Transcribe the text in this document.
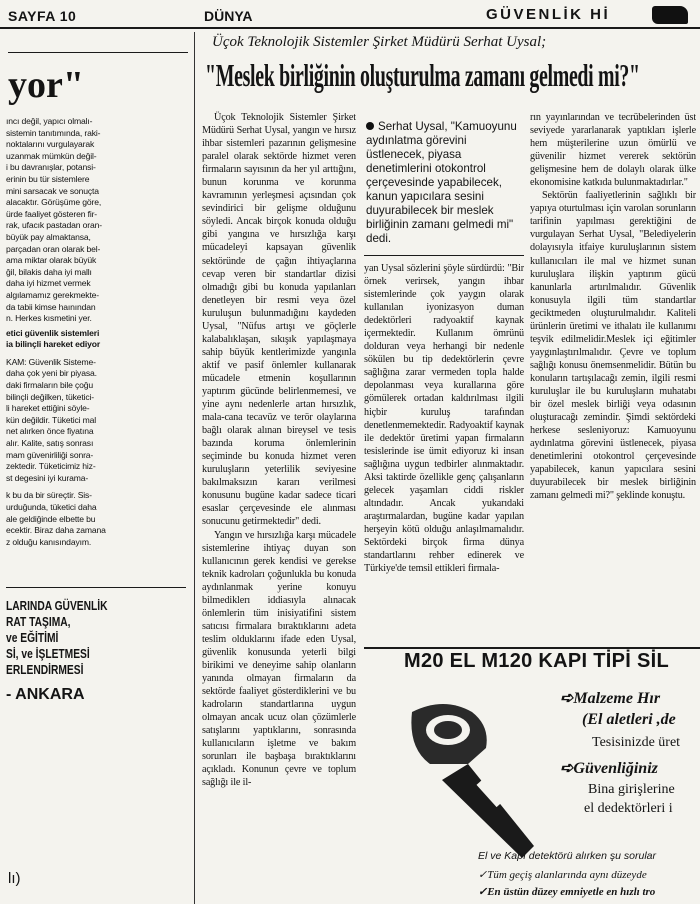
SAYFA 10	DÜNYA	GÜVENLİK Hİ
yor"
ıncı değil, yapıcı olmalı-
sistemin tanıtımında, raki-
noktalarını vurgulayarak
uzanmak mümkün değil-
i bu davranışlar, potansi-
erinin bu tür sistemlere
mini sarsacak ve sonuçta
alacaktır. Görüşüme göre,
ürde faaliyet gösteren fir-
rak, ufacık pastadan oran-
büyük pay almaktansa,
parçadan oran olarak bel-
ama miktar olarak büyük
ğil, bilakis daha iyi mallı
daha iyi hizmet vermek
algılamamız gerekmekte-
da tabii kimse haınından
n. Herkes kısmetini yer.
etici güvenlik sistemleri
ia bilinçli hareket ediyor
KAM: Güvenlik Sisteme-
daha çok yeni bir piyasa.
daki firmaların bile çoğu
bilinçli değilken, tüketici-
li hareket ettiğini söyle-
kün değildir. Tüketici mal
net alırken önce fiyatına
alır. Kalite, satış sonrası
mam güvenirliliği sonra-
zektedir. Tüketicimiz hiz-
st degesini iyi kurama-
k bu da bir süreçtir. Sis-
urduğunda, tüketici daha
ale geldiğinde elbette bu
ecektir. Biraz daha zamana
z olduğu kanısındayım.
LARINDA GÜVENLİK
RAT TAŞIMA,
ve EĞİTİMİ
Sİ, ve İŞLETMESİ
ERLENDİRMESİ
- ANKARA
lı)
Üçok Teknolojik Sistemler Şirket Müdürü Serhat Uysal;
"Meslek birliğinin oluşturulma zamanı gelmedi mi?"

Üçok Teknolojik Sistemler Şirket Müdürü Serhat Uysal, yangın ve hırsız ihbar sistemleri pazarının gelişmesine paralel olarak sektörde hizmet veren firmaların sayısının da her yıl arttığını, bunun korunma ve korunma kavramının yerleşmesi açısından çok sevindirici bir gelişme olduğunu söyledi. Ancak birçok konuda olduğu gibi yangına ve hırsızlığa karşı mücadeleyi kapsayan güvenlik sektöründe de çağın ihtiyaçlarına cevap veren bir standartlar dizisi olmadığı gibi bu konuda yapılanları denetleyen bir resmi veya özel kuruluşun bulunmadığını kaydeden Uysal, "Nüfus artışı ve göçlerle kalabalıklaşan, sıkışık yapılaşmaya sahip büyük kentlerimizde yangınla aktif ve pasif önlemler kullanarak mücadele etmenin koşullarının yaptırım gücünde belirlenmemesi, ve yine aynı nedenlerle artan hırsızlık, mala-cana tecavüz ve terör olaylarına bağlı olarak alınan bireysel ve tesis bazında koruma önlemlerinin seçiminde bu konuda hizmet veren kuruluşların yeterlilik seviyesine bakılmaksızın kararı verilmesi konusunu bugüne kadar sadece ticari esaslar çerçevesinde ele alınması sonucunu getirmektedir" dedi.

Yangın ve hırsızlığa karşı mücadele sistemlerine ihtiyaç duyan son kullanıcının gerek kendisi ve gerekse teknik kadroları çoğunlukla bu konuda aydınlanmak yerine konuyu bilmediklerı iddiasıyla alınacak önlemlerin tüm inisiyatifini sistem satıcısı firmalara bıraktıklarını adeta teslim olduklarını ifade eden Uysal, güvenlik konusunda yeterli bilgi birikimi ve deneyime sahip olanların yanında olmayan firmaların da sektörde faaliyet gösterdiklerini ve bu kadroların standartlarına uygun olmayan ancak ucuz olan çözümlerle satışlarını yaptıklarını, sonrasında kullanıcıların işletme ve bakım sorunları ile başbaşa bıraktıklarını açıkladı. Konunun çevre ve toplum sağlığı ile il-

Serhat Uysal, "Kamuoyunu aydınlatma görevini üstlenecek, piyasa denetimlerini otokontrol çerçevesinde yapabilecek, kanun yapıcılara sesini duyurabilecek bir meslek birliğinin zamanı gelmedi mi" dedi.

yan Uysal sözlerini şöyle sürdürdü: "Bir örnek verirsek, yangın ihbar sistemlerinde çok yaygın olarak kullanılan iyonizasyon duman dedektörleri radyoaktif kaynak içermektedir. Kullanım ömrünü dolduran veya herhangi bir nedenle sökülen bu tip dedektörlerin çevre sağlığına zarar vermeden topla halde depolanması veya kurallarına göre gömülerek ortadan kaldırılması ilgili hiçbir kuruluş tarafından denetlenmemektedir. Radyoaktif kaynak ile dedektör üretimi yapan firmaların tesislerinde ise ümit ediyoruz ki insan sağlığına uygun tedbirler alınmaktadır. Aksi taktirde özellikle genç çalışanların gelecek yaşamları ciddi riskler altındadır. Ancak yukarıdaki araştırmalardan, bugüne kadar yapılan herşeyin kötü olduğu anlaşılmamalıdır. Sektördeki birçok firma dünya standartlarını rehber edinerek ve Türkiye'de temsil ettikleri firmala-

rın yayınlarından ve tecrübelerinden üst seviyede yararlanarak yaptıkları işlerle hem müşterilerine uzun ömürlü ve güvenilir hizmet vererek sektörün gelişmesine hem de dolaylı olarak ülke ekonomisine katkıda bulunmaktadırlar."

Sektörün faaliyetlerinin sağlıklı bir yapıya oturtulması için varolan sorunların tarifinin yapılması gerektiğini de vurgulayan Serhat Uysal, "Belediyelerin dolayısıyla itfaiye kuruluşlarının sistem kullanıcıları ile mal ve hizmet sunan kuruluşlara ilişkin yaptırım gücü kanunlarla artırılmalıdır. Güvenlik konusuyla ilgili tüm standartlar geciktmeden oluşturulmalıdır. Kaliteli ürünlerin üretimi ve ithalatı ile kullanımı teşvik edilmelidir.Meslek içi eğitimler yaygınlaştırılmalıdır. Çevre ve toplum sağlığı konusu önemsenmelidir. Bütün bu konuların tartışılacağı zemin, ilgili resmi kuruluşlar ile bu kuruluşların muhatabı bir özel meslek birliği veya odasının oluşturacağı zemindir. Şimdi sektördeki herkese sesleniyoruz: Kamuoyunu aydınlatma görevini üstlenecek, piyasa denetimlerini otokontrol çerçevesinde yapabilecek, kanun yapıcılara sesini duyurabilecek bir meslek birliğinin zamanı gelmedi mi?" şeklinde konuştu.

M20 EL M120 KAPI TİPİ SİL
➪Malzeme Hır
(El aletleri ,de
Tesisinizde üret
➪Güvenliğiniz
Bina girişlerine
el dedektörleri i
El ve Kapı detektörü alırken şu sorular
✓Tüm geçiş alanlarında aynı düzeyde
✓En üstün düzey emniyetle en hızlı tro
